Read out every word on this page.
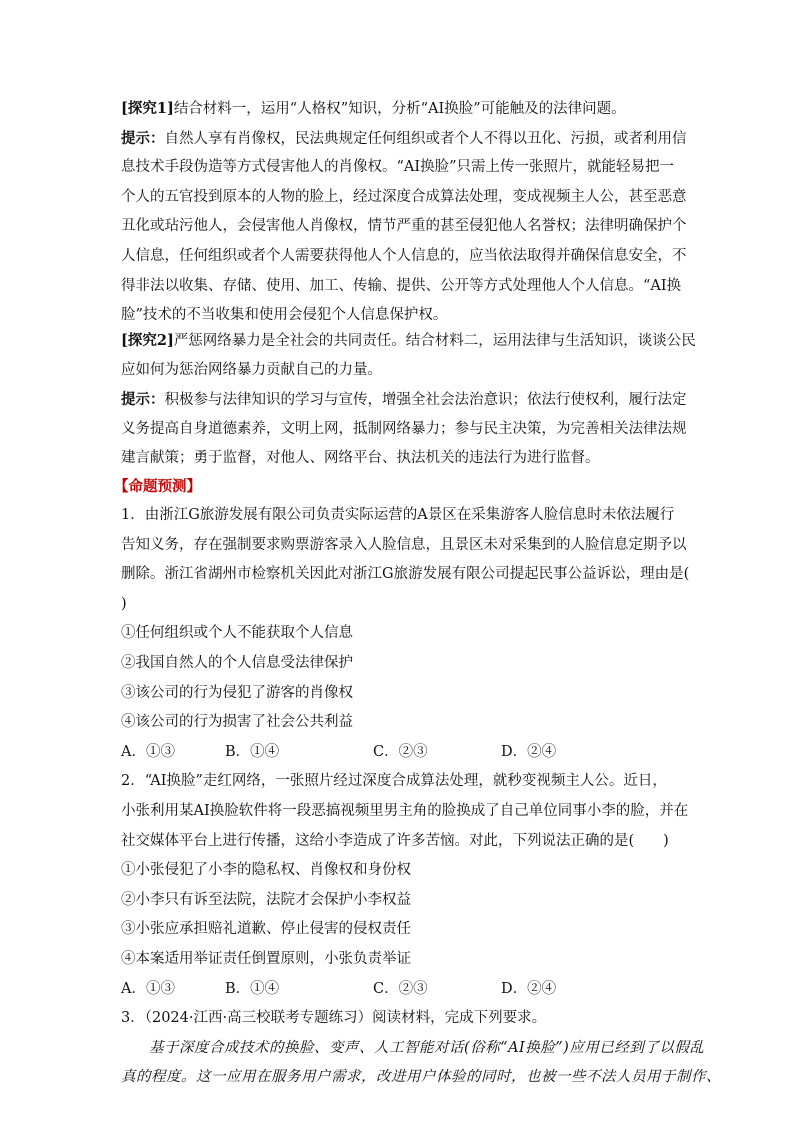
[探究1]结合材料一，运用“人格权”知识，分析“AI换脸”可能触及的法律问题。
提示：自然人享有肖像权，民法典规定任何组织或者个人不得以丑化、污损，或者利用信
息技术手段伪造等方式侵害他人的肖像权。“AI换脸”只需上传一张照片，就能轻易把一
个人的五官投到原本的人物的脸上，经过深度合成算法处理，变成视频主人公，甚至恶意
丑化或玷污他人，会侵害他人肖像权，情节严重的甚至侵犯他人名誉权；法律明确保护个
人信息，任何组织或者个人需要获得他人个人信息的，应当依法取得并确保信息安全，不
得非法以收集、存储、使用、加工、传输、提供、公开等方式处理他人个人信息。“AI换
脸”技术的不当收集和使用会侵犯个人信息保护权。
[探究2]严惩网络暴力是全社会的共同责任。结合材料二，运用法律与生活知识，谈谈公民
应如何为惩治网络暴力贡献自己的力量。
提示：积极参与法律知识的学习与宣传，增强全社会法治意识；依法行使权利，履行法定
义务提高自身道德素养，文明上网，抵制网络暴力；参与民主决策，为完善相关法律法规
建言献策；勇于监督，对他人、网络平台、执法机关的违法行为进行监督。
【命题预测】
1．由浙江G旅游发展有限公司负责实际运营的A景区在采集游客人脸信息时未依法履行
告知义务，存在强制要求购票游客录入人脸信息，且景区未对采集到的人脸信息定期予以
删除。浙江省湖州市检察机关因此对浙江G旅游发展有限公司提起民事公益诉讼，理由是(
)
①任何组织或个人不能获取个人信息
②我国自然人的个人信息受法律保护
③该公司的行为侵犯了游客的肖像权
④该公司的行为损害了社会公共利益
A．①③	B．①④	C．②③	D．②④
2．“AI换脸”走红网络，一张照片经过深度合成算法处理，就秒变视频主人公。近日，
小张利用某AI换脸软件将一段恶搞视频里男主角的脸换成了自己单位同事小李的脸，并在
社交媒体平台上进行传播，这给小李造成了许多苦恼。对此，下列说法正确的是(　　)
①小张侵犯了小李的隐私权、肖像权和身份权
②小李只有诉至法院，法院才会保护小李权益
③小张应承担赔礼道歉、停止侵害的侵权责任
④本案适用举证责任倒置原则，小张负责举证
A．①③	B．①④	C．②③	D．②④
3．（2024·江西·高三校联考专题练习）阅读材料，完成下列要求。
基于深度合成技术的换脸、变声、人工智能对话(俗称“AI换脸”)应用已经到了以假乱
真的程度。这一应用在服务用户需求，改进用户体验的同时，也被一些不法人员用于制作、
